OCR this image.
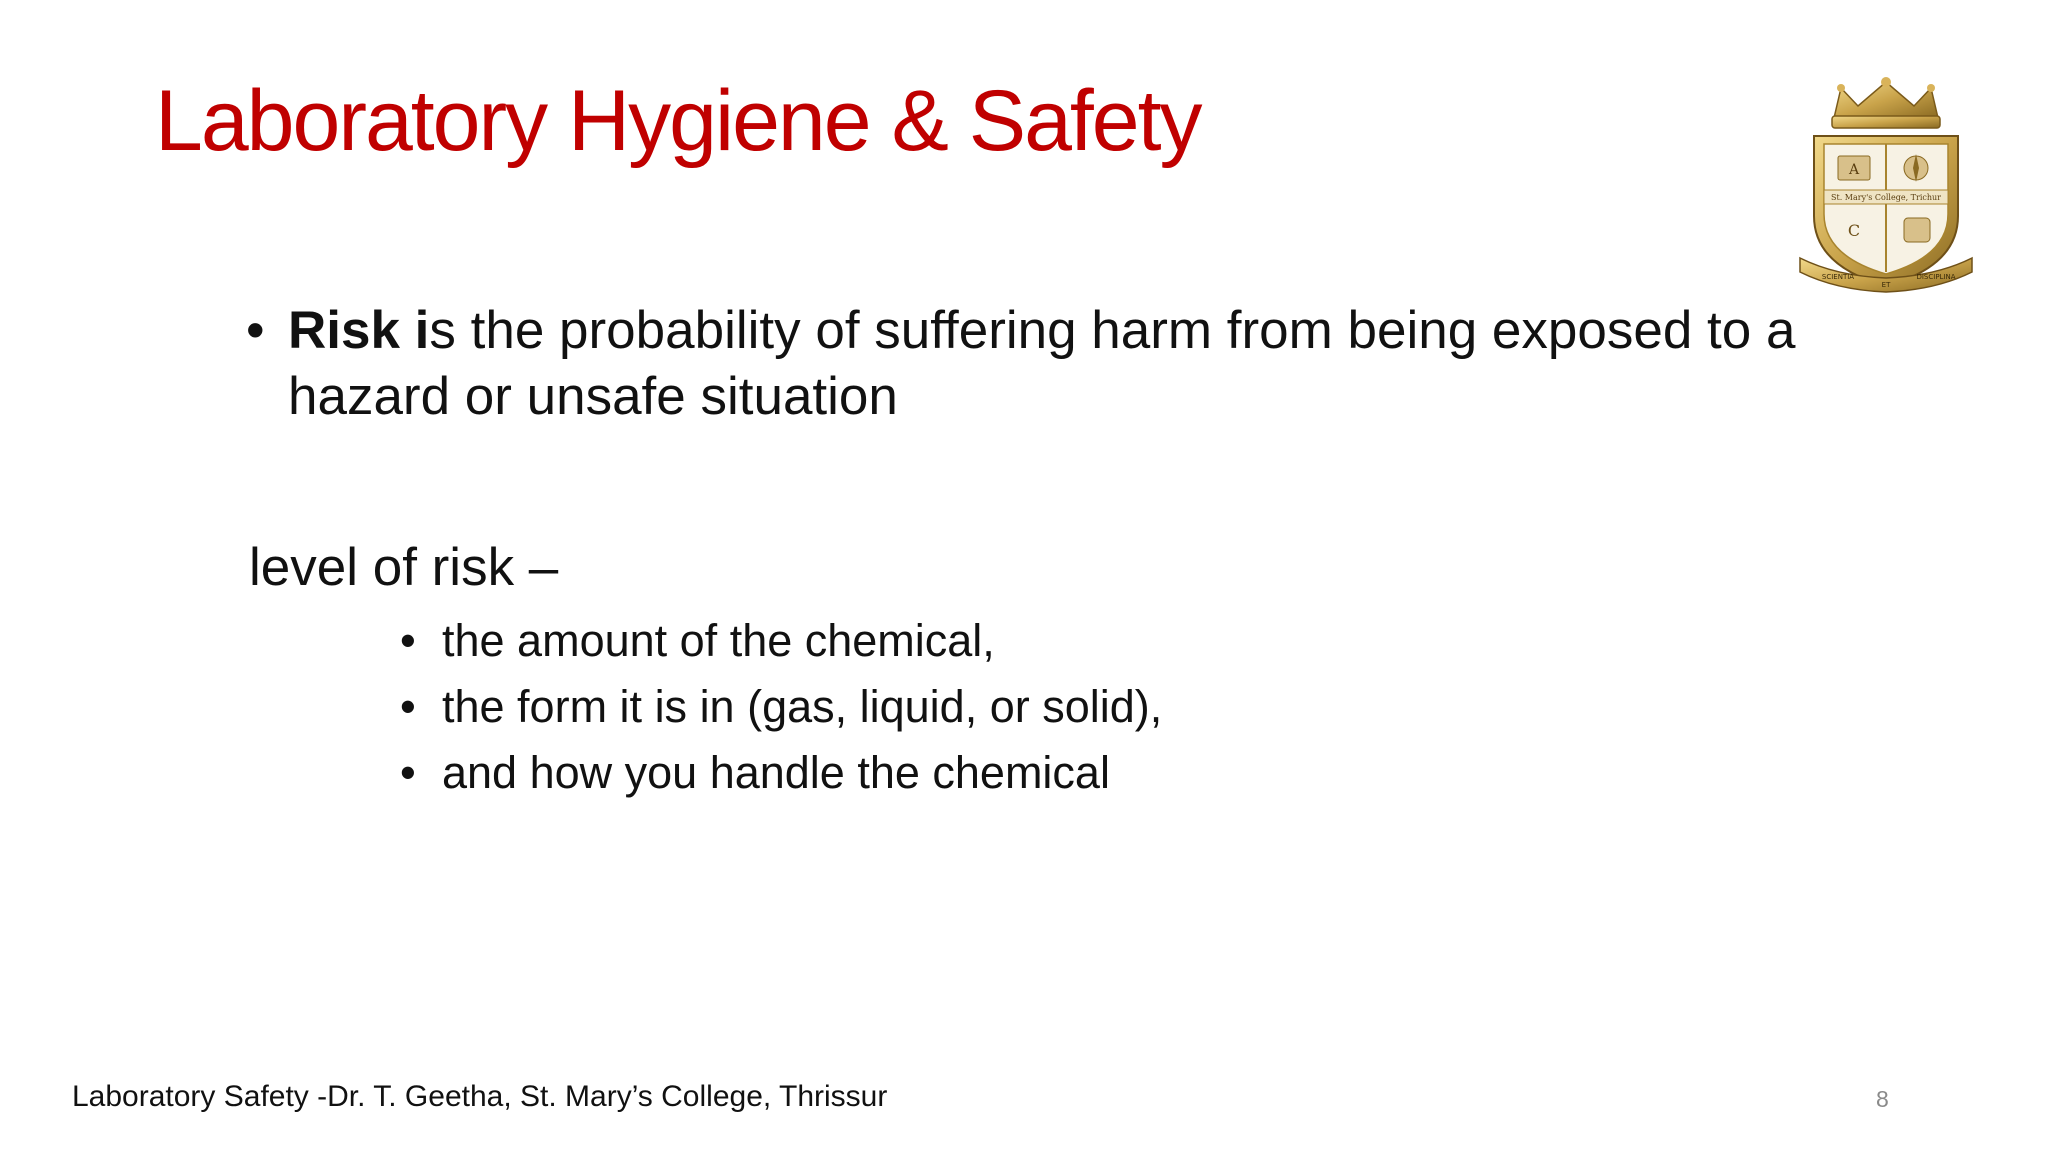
Laboratory Hygiene & Safety
St. Mary's College, Trichur
A
C
SCIENTIA
ET
DISCIPLINA
• Risk is the probability of suffering harm from being exposed to a hazard or unsafe situation
level of risk –
• the amount of the chemical,
• the form it is in (gas, liquid, or solid),
• and how you handle the chemical
Laboratory Safety -Dr. T. Geetha, St. Mary’s College, Thrissur	8
